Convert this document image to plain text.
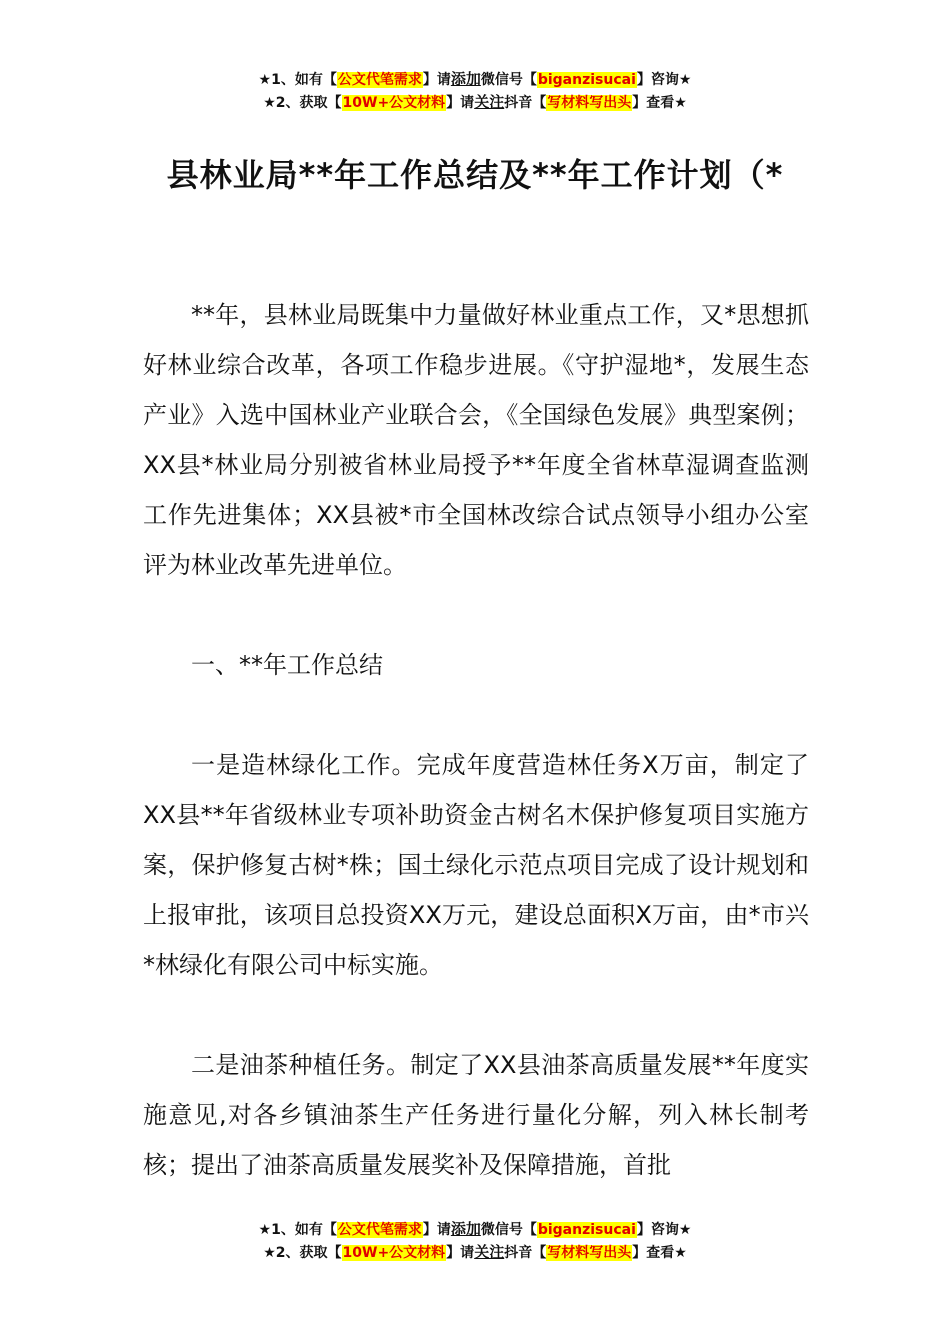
★1、如有【公文代笔需求】请添加微信号【biganzisucai】咨询★
★2、获取【10W+公文材料】请关注抖音【写材料写出头】查看★
县林业局**年工作总结及**年工作计划（*

**年，县林业局既集中力量做好林业重点工作，又*思想抓好林业综合改革，各项工作稳步进展。《守护湿地*，发展生态产业》入选中国林业产业联合会，《全国绿色发展》典型案例；XX县*林业局分别被省林业局授予**年度全省林草湿调查监测工作先进集体；XX县被*市全国林改综合试点领导小组办公室评为林业改革先进单位。

一、**年工作总结

一是造林绿化工作。完成年度营造林任务X万亩，制定了XX县**年省级林业专项补助资金古树名木保护修复项目实施方案，保护修复古树*株；国土绿化示范点项目完成了设计规划和上报审批，该项目总投资XX万元，建设总面积X万亩，由*市兴*林绿化有限公司中标实施。

二是油茶种植任务。制定了XX县油茶高质量发展**年度实施意见,对各乡镇油茶生产任务进行量化分解，列入林长制考核；提出了油茶高质量发展奖补及保障措施，首批

★1、如有【公文代笔需求】请添加微信号【biganzisucai】咨询★
★2、获取【10W+公文材料】请关注抖音【写材料写出头】查看★
